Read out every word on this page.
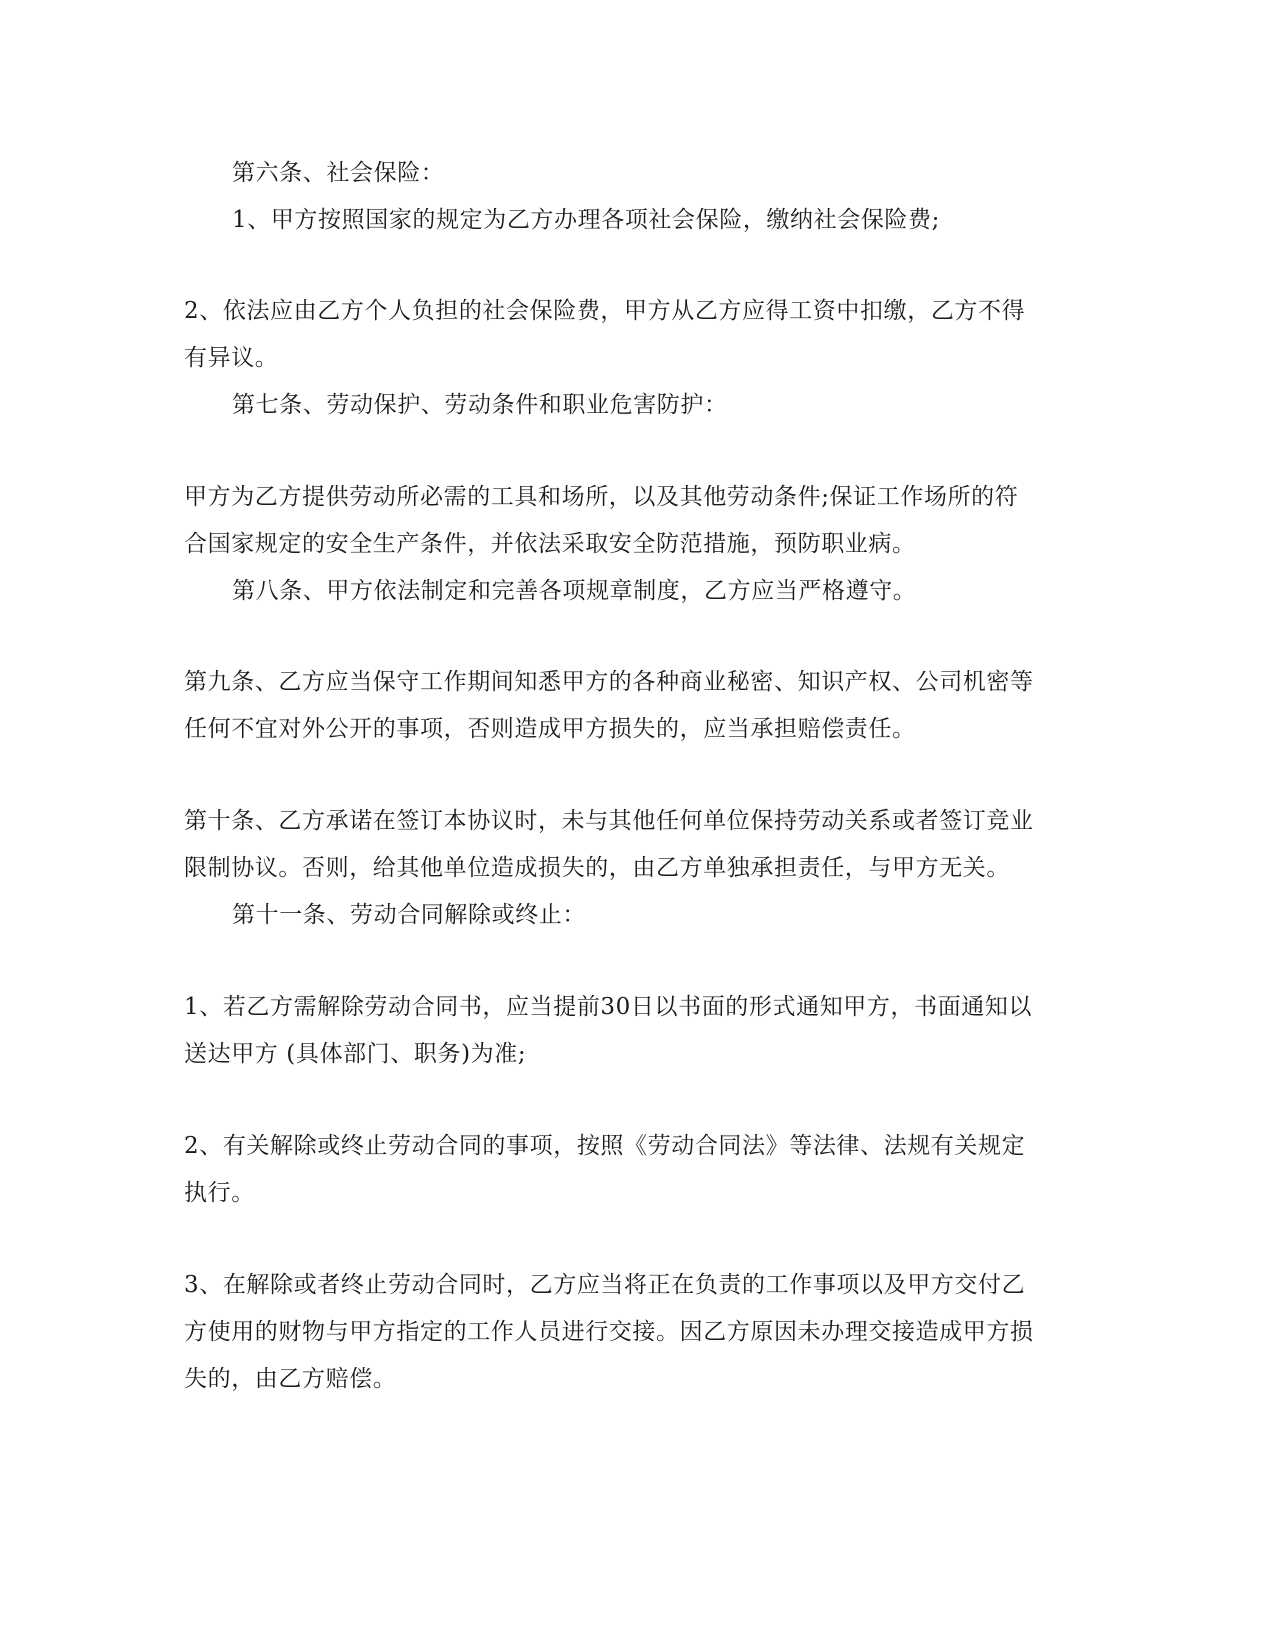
第六条、社会保险：
1、甲方按照国家的规定为乙方办理各项社会保险，缴纳社会保险费;
2、依法应由乙方个人负担的社会保险费，甲方从乙方应得工资中扣缴，乙方不得
有异议。
第七条、劳动保护、劳动条件和职业危害防护：
甲方为乙方提供劳动所必需的工具和场所，以及其他劳动条件;保证工作场所的符
合国家规定的安全生产条件，并依法采取安全防范措施，预防职业病。
第八条、甲方依法制定和完善各项规章制度，乙方应当严格遵守。
第九条、乙方应当保守工作期间知悉甲方的各种商业秘密、知识产权、公司机密等
任何不宜对外公开的事项，否则造成甲方损失的，应当承担赔偿责任。
第十条、乙方承诺在签订本协议时，未与其他任何单位保持劳动关系或者签订竞业
限制协议。否则，给其他单位造成损失的，由乙方单独承担责任，与甲方无关。
第十一条、劳动合同解除或终止：
1、若乙方需解除劳动合同书，应当提前30日以书面的形式通知甲方，书面通知以
送达甲方 (具体部门、职务)为准;
2、有关解除或终止劳动合同的事项，按照《劳动合同法》等法律、法规有关规定
执行。
3、在解除或者终止劳动合同时，乙方应当将正在负责的工作事项以及甲方交付乙
方使用的财物与甲方指定的工作人员进行交接。因乙方原因未办理交接造成甲方损
失的，由乙方赔偿。
